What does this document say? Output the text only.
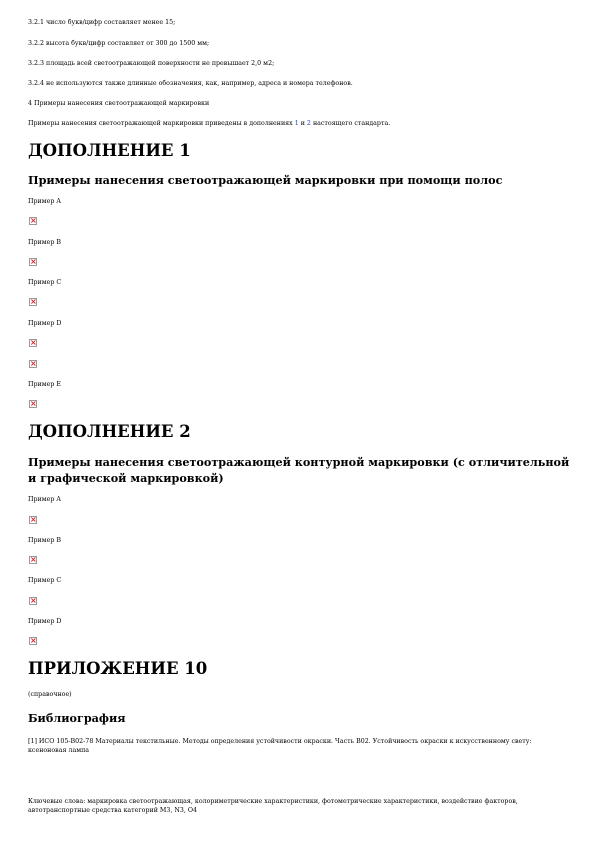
3.2.1 число букв/цифр составляет менее 15;

3.2.2 высота букв/цифр составляет от 300 до 1500 мм;

3.2.3 площадь всей светоотражающей поверхности не превышает 2,0 м2;

3.2.4 не используются также длинные обозначения, как, например, адреса и номера телефонов.

4 Примеры нанесения светоотражающей маркировки

Примеры нанесения светоотражающей маркировки приведены в дополнениях 1 и 2 настоящего стандарта.

ДОПОЛНЕНИЕ 1
Примеры нанесения светоотражающей маркировки при помощи полос

Пример A

×

Пример B

×

Пример C

×

Пример D

×
×

Пример E

×
ДОПОЛНЕНИЕ 2
Примеры нанесения светоотражающей контурной маркировки (с отличительной и графической маркировкой)

Пример A

×

Пример B

×

Пример C

×

Пример D

×
ПРИЛОЖЕНИЕ 10

(справочное)

Библиография

[1] ИСО 105-В02-78 Материалы текстильные. Методы определения устойчивости окраски. Часть В02. Устойчивость окраски к искусственному свету: ксеноновая лампа

Ключевые слова: маркировка светоотражающая, колориметрические характеристики, фотометрические характеристики, воздействие факторов, автотранспортные средства категорий М3, N3, O4
